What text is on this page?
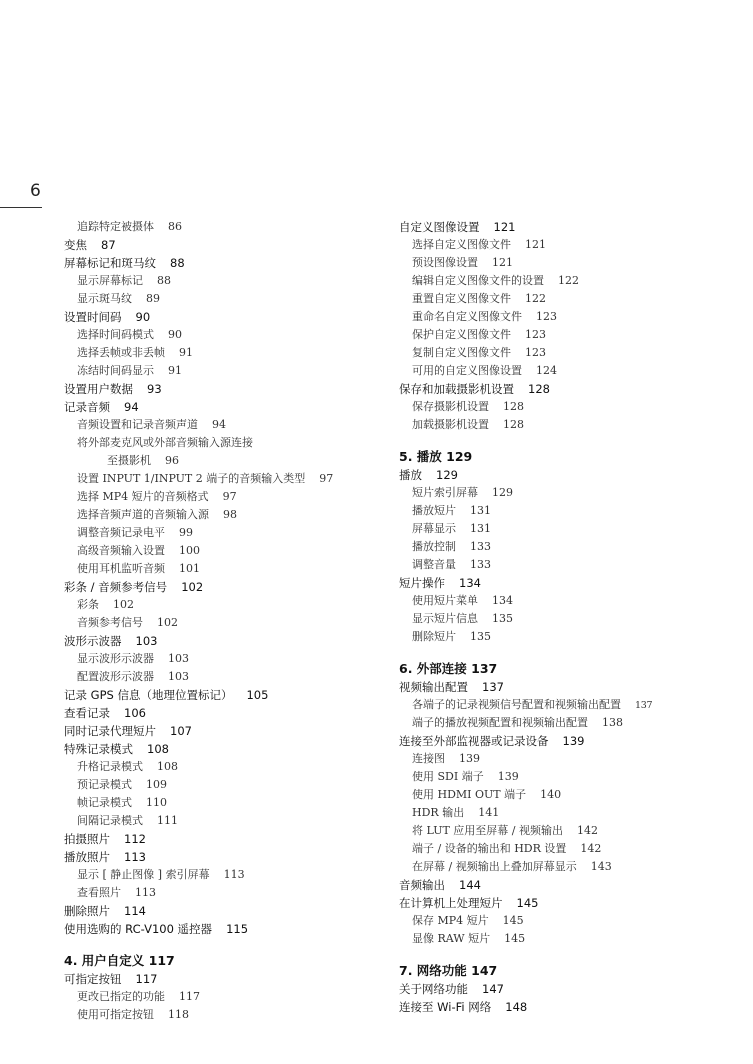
6
追踪特定被摄体 86
变焦 87
屏幕标记和斑马纹 88
显示屏幕标记 88
显示斑马纹 89
设置时间码 90
选择时间码模式 90
选择丢帧或非丢帧 91
冻结时间码显示 91
设置用户数据 93
记录音频 94
音频设置和记录音频声道 94
将外部麦克风或外部音频输入源连接
至摄影机 96
设置 INPUT 1/INPUT 2 端子的音频输入类型 97
选择 MP4 短片的音频格式 97
选择音频声道的音频输入源 98
调整音频记录电平 99
高级音频输入设置 100
使用耳机监听音频 101
彩条 / 音频参考信号 102
彩条 102
音频参考信号 102
波形示波器 103
显示波形示波器 103
配置波形示波器 103
记录 GPS 信息（地理位置标记） 105
查看记录 106
同时记录代理短片 107
特殊记录模式 108
升格记录模式 108
预记录模式 109
帧记录模式 110
间隔记录模式 111
拍摄照片 112
播放照片 113
显示 [ 静止图像 ] 索引屏幕 113
查看照片 113
删除照片 114
使用选购的 RC-V100 遥控器 115
4. 用户自定义 117
可指定按钮 117
更改已指定的功能 117
使用可指定按钮 118
自定义图像设置 121
选择自定义图像文件 121
预设图像设置 121
编辑自定义图像文件的设置 122
重置自定义图像文件 122
重命名自定义图像文件 123
保护自定义图像文件 123
复制自定义图像文件 123
可用的自定义图像设置 124
保存和加载摄影机设置 128
保存摄影机设置 128
加载摄影机设置 128
5. 播放 129
播放 129
短片索引屏幕 129
播放短片 131
屏幕显示 131
播放控制 133
调整音量 133
短片操作 134
使用短片菜单 134
显示短片信息 135
删除短片 135
6. 外部连接 137
视频输出配置 137
各端子的记录视频信号配置和视频输出配置 137
端子的播放视频配置和视频输出配置 138
连接至外部监视器或记录设备 139
连接图 139
使用 SDI 端子 139
使用 HDMI OUT 端子 140
HDR 输出 141
将 LUT 应用至屏幕 / 视频输出 142
端子 / 设备的输出和 HDR 设置 142
在屏幕 / 视频输出上叠加屏幕显示 143
音频输出 144
在计算机上处理短片 145
保存 MP4 短片 145
显像 RAW 短片 145
7. 网络功能 147
关于网络功能 147
连接至 Wi-Fi 网络 148
